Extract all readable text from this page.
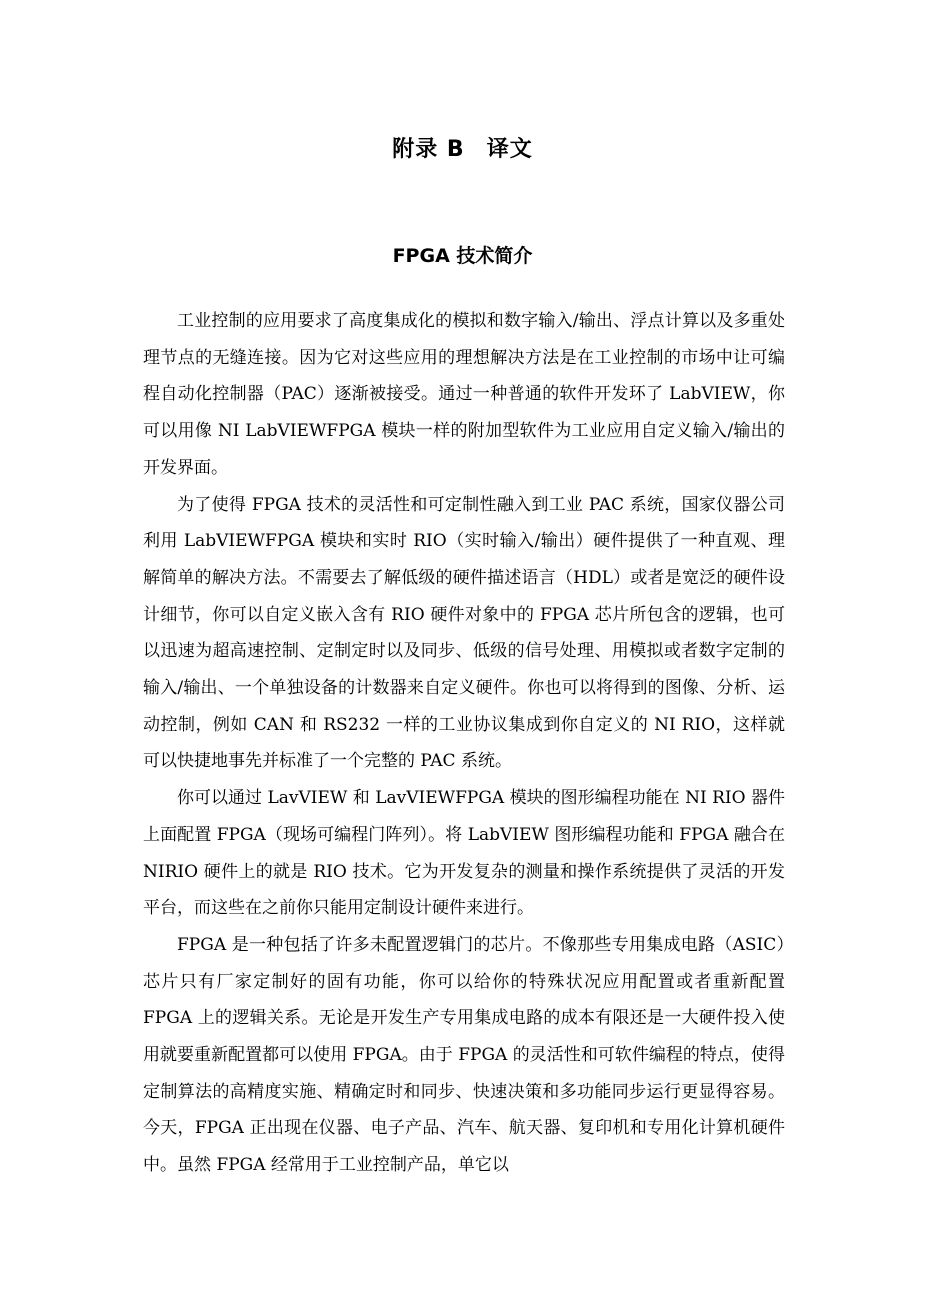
附录 B 译文
FPGA 技术简介

工业控制的应用要求了高度集成化的模拟和数字输入/输出、浮点计算以及多重处理节点的无缝连接。因为它对这些应用的理想解决方法是在工业控制的市场中让可编程自动化控制器（PAC）逐渐被接受。通过一种普通的软件开发环了 LabVIEW，你可以用像 NI LabVIEWFPGA 模块一样的附加型软件为工业应用自定义输入/输出的开发界面。

为了使得 FPGA 技术的灵活性和可定制性融入到工业 PAC 系统，国家仪器公司利用 LabVIEWFPGA 模块和实时 RIO（实时输入/输出）硬件提供了一种直观、理解简单的解决方法。不需要去了解低级的硬件描述语言（HDL）或者是宽泛的硬件设计细节，你可以自定义嵌入含有 RIO 硬件对象中的 FPGA 芯片所包含的逻辑，也可以迅速为超高速控制、定制定时以及同步、低级的信号处理、用模拟或者数字定制的输入/输出、一个单独设备的计数器来自定义硬件。你也可以将得到的图像、分析、运动控制，例如 CAN 和 RS232 一样的工业协议集成到你自定义的 NI RIO，这样就可以快捷地事先并标准了一个完整的 PAC 系统。

你可以通过 LavVIEW 和 LavVIEWFPGA 模块的图形编程功能在 NI RIO 器件上面配置 FPGA（现场可编程门阵列）。将 LabVIEW 图形编程功能和 FPGA 融合在 NIRIO 硬件上的就是 RIO 技术。它为开发复杂的测量和操作系统提供了灵活的开发平台，而这些在之前你只能用定制设计硬件来进行。

FPGA 是一种包括了许多未配置逻辑门的芯片。不像那些专用集成电路（ASIC）芯片只有厂家定制好的固有功能，你可以给你的特殊状况应用配置或者重新配置 FPGA 上的逻辑关系。无论是开发生产专用集成电路的成本有限还是一大硬件投入使用就要重新配置都可以使用 FPGA。由于 FPGA 的灵活性和可软件编程的特点，使得定制算法的高精度实施、精确定时和同步、快速决策和多功能同步运行更显得容易。今天，FPGA 正出现在仪器、电子产品、汽车、航天器、复印机和专用化计算机硬件中。虽然 FPGA 经常用于工业控制产品，单它以
